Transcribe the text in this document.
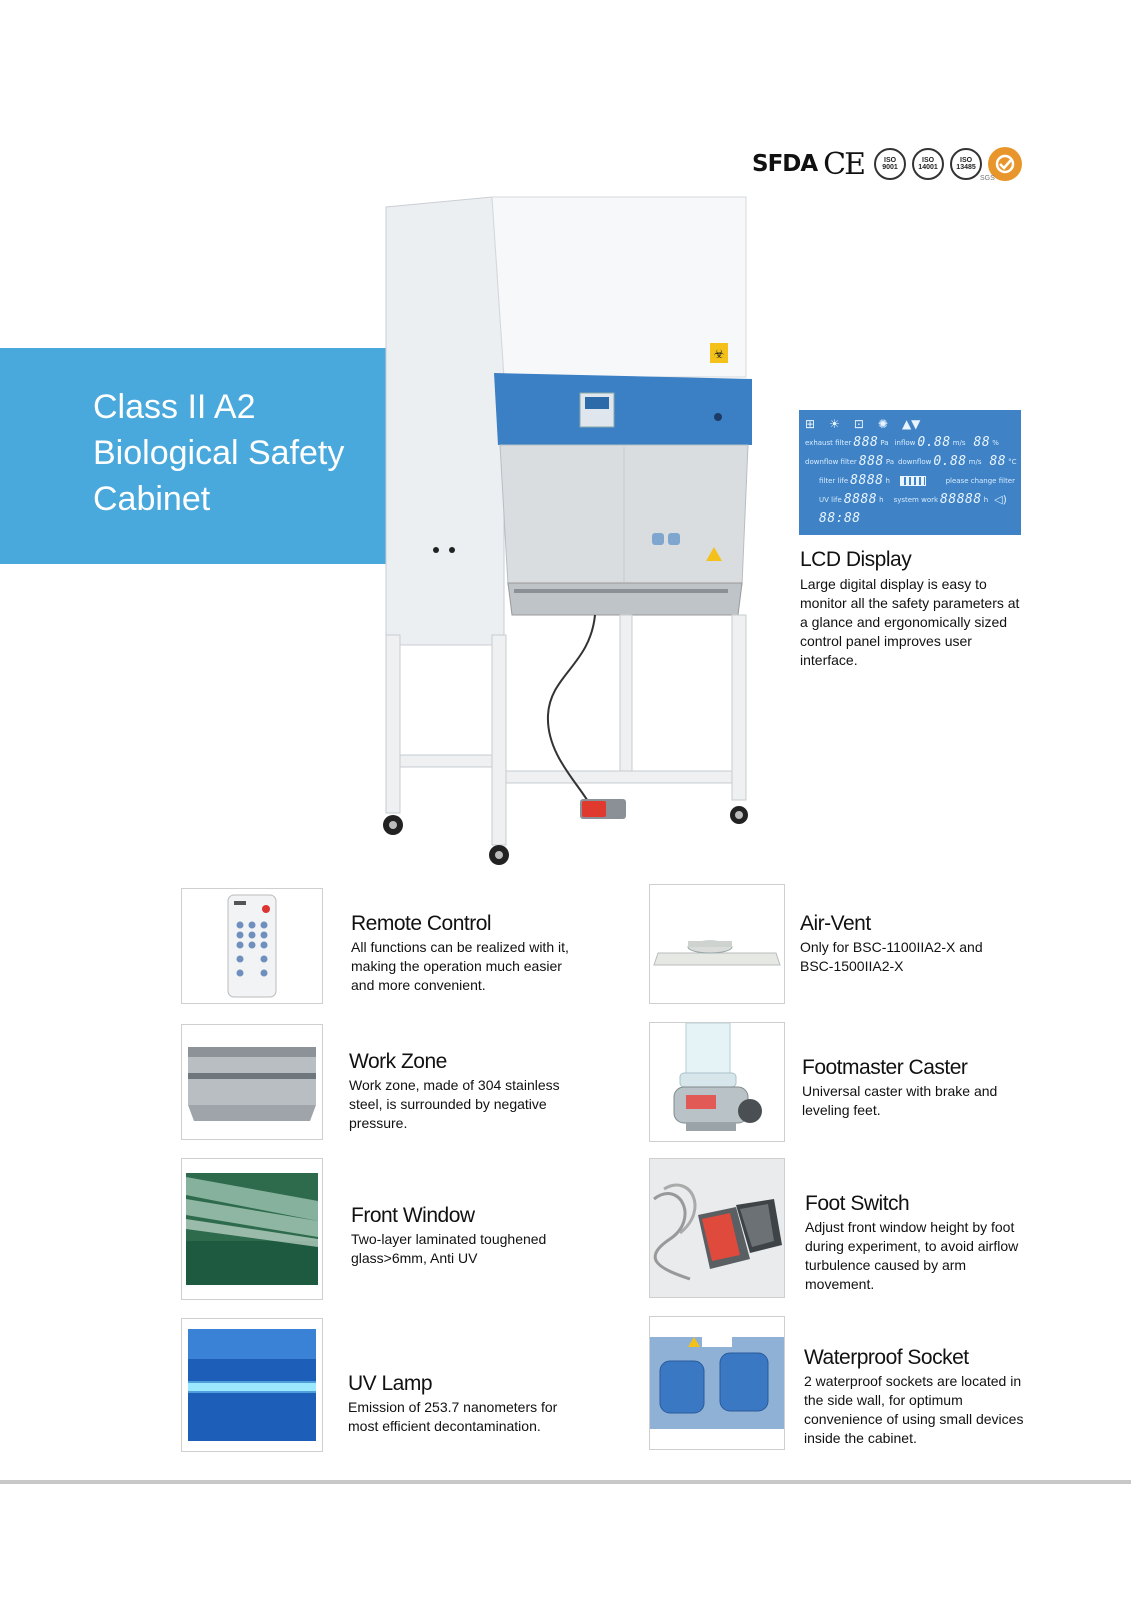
SFDA CE	ISO 9001
ISO 14001
ISO 13485
SGS
Class II A2
Biological Safety
Cabinet
☣
⊞ ☀ ⊡ ✺ ▲▼
exhaust filter 888 Pa inflow 0.88 m/s 88 %
downflow filter 888 Pa downflow 0.88 m/s 88 °C
filter life 8888 h	please change filter
UV life 8888 h system work 88888 h ◁)
88:88
LCD Display
Large digital display is easy to monitor all the safety parameters at a glance and ergonomically sized control panel improves user interface.
Remote Control
All functions can be realized with it, making the operation much easier and more convenient.
Work Zone
Work zone, made of 304 stainless steel, is surrounded by negative pressure.
Front Window
Two-layer laminated toughened glass>6mm, Anti UV
UV Lamp
Emission of 253.7 nanometers for most efficient decontamination.
Air-Vent
Only for BSC-1100IIA2-X and BSC-1500IIA2-X
Footmaster Caster
Universal caster with brake and leveling feet.
Foot Switch
Adjust front window height by foot during experiment, to avoid airflow turbulence caused by arm movement.
Waterproof Socket
2 waterproof sockets are located in the side wall, for optimum convenience of using small devices inside the cabinet.
